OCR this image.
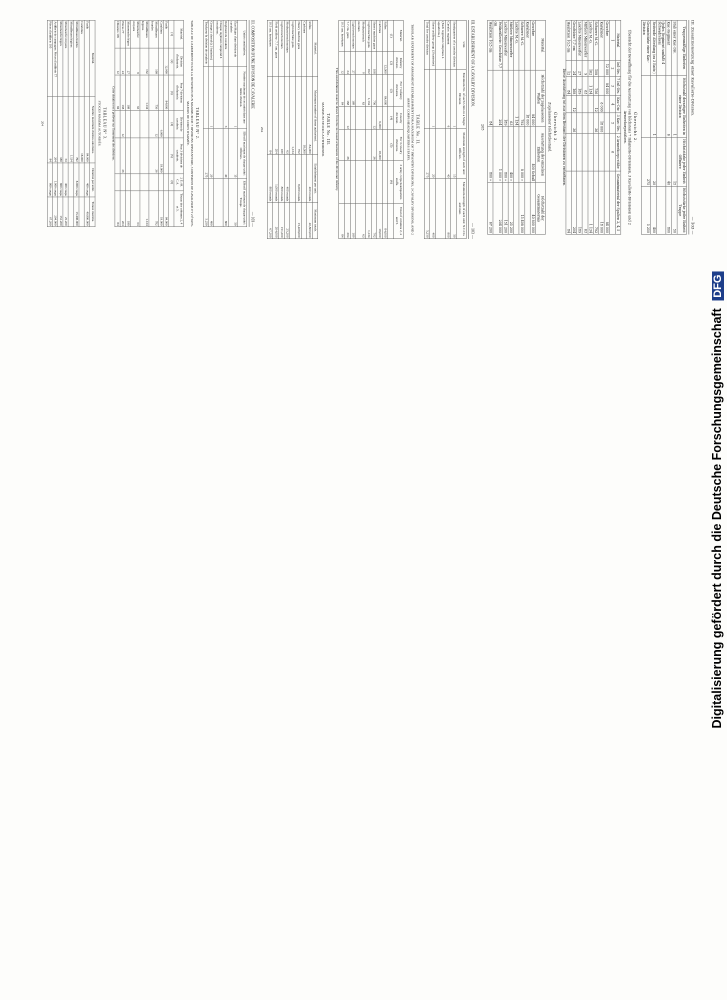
III. COMPOSITION D'UNE DIVISION DE CAVALERIE
— 103 —
Unités constitutives.	Nombre maximum de ces unités dans une même division.	Effectif maximum de chaque unité: Officiers.	Effectif maximum de chaque unité: Troupe.
État-Major d'une division de cavalerie	1	15	50
Régiment de cavalerie	6	40	800
Chaque régiment comprend 4 escadrons.			
Groupe à cheval (à 3 batteries)	1	20	400
Total pour la division de cavalerie		275	5.250
TABLEAU N° 2.
TABLEAU DE L'ARMEMENT POUR LA DOTATION D'UN MAXIMUM DE 7 DIVISIONS D'INFANTERIE, 3 DIVISIONS DE CAVALERIE ET 2 ÉTATS-MAJORS DE CORPS D'ARMÉE.
Matériel.	Division d'infanterie.	Pour 7 divisions d'infanterie.	Division de cavalerie.	Pour 3 divisions de cavalerie.	2 É.-M. C.A.	Totaux des colonnes 2, 4 et 5.
(1)	(2)	(3)	(4)	(5)	(6)	
Fusils	12.000	84.000				84.000
Carabines			6.000	18.000		18.000
Mitrailleuses lourdes	108	756	12	36		792
Mitrailleuses légères	162	1.134				1.134
Minenwerfer moyens	9	63				63
Minenwerfer légers	27	189				189
Pièces 77	24	168	12	36		204
Obusiers 105	12	84				84
Cette dotation est à prélever sur l'armement des divisions.
TABLEAU N° 3.
STOCKS MAXIMA AUTORISÉS.
Matériel.	Nombre maximum d'armes autorisées.	Dotation par unité.	Totaux maxima.
Fusils	84.000	400 coups	40.800.000
Carabines	18.000		
Mitrailleuses lourdes	792	8.000 coups	15.408.000
Mitrailleuses légères	1.134		
Minenwerfer moyens	63	400 coups	25.200
Minenwerfer légers	189	800 coups	151.200
Artillerie de campagne: Pièces d'artillerie 77	204	1.000 coups	204.000
Pièces d'artillerie 105	84	800 coups	67.200
204
III. ESTABLISHMENT OF A CAVALRY DIVISION.
— 103 —
Unit.	Maximum No. of such Units in a Single Division.	Maximum strength of each unit: Officers.	Maximum strength of each unit: N.C.O.s and men.
Headquarters of a cavalry division	1	15	50
Cavalry regiment	6	40	800
(Each regiment comprises 4 squadrons.)			
Horse artillery group (3 batteries)	1	20	400
Total for cavalry division		275	5,250
TABLE No. II.
TABULAR STATEMENT OF ARMAMENT ESTABLISHMENT FOR A MAXIMUM OF 7 INFANTRY DIVISIONS, 3 CAVALRY DIVISIONS, AND 2 ARMY CORPS HEADQUARTERS STAFFS.
Material.	Infantry division.	For 7 infantry divisions.	Cavalry division.	For 3 cavalry divisions.	2 army corps headquarters staffs.	Total of columns 2, 4 and 5.
(1)	(2)	(3)	(4)	(5)	(6)	
Rifles	12,000	84,000				84,000
Carbines			6,000	18,000		18,000
Heavy machine guns	108	756	12	36		792
Light machine guns	162	1,134				1,134
Medium trench mortars	9	63				63
Light trench mortars	27	189				189
7.7 cm. guns	24	168	12	36		204
10.5 cm. howitzers	12	84				84
This establishment must be drawn from the increased armaments of the divisional infantry.
TABLE No. III.
MAXIMUM STOCKS AUTHORISED.
Material.	Maximum number of Arms authorised.	Establishment per unit.	Maximum totals.
Rifles	84,000	400 rounds	40,800,000
Carbines	18,000		
Heavy machine guns	792	8,000 rounds	15,408,000
Light machine guns	1,134		
Medium trench mortars	63	400 rounds	25,200
Light trench mortars	189	800 rounds	151,200
Field artillery: 7.7 cm. guns	204	1,000 rounds	204,000
10.5 cm. howitzers	84	800 rounds	67,200
204
III. Zusammensetzung einer Kavallerie-Division.
— 103 —
Truppenmäßige Einheiten	Höchstzahl derartiger Einheiten in einer Division	Höchststärke jeder Einheit: Offiziere	Höchststärke jeder Einheit: Truppe
Stab einer Kav.-Div.	1	15	50
Kav.-Regiment	6	40	800
(Jedes Regiment umfaßt 4 Schwadronen)			
Reitende Abteilung (zu 3 Battr.)	1	20	400
Gesamtstärke einer Kav.-Division		275	5 250
Übersicht 2.
Übersicht der Bewaffnung für die Ausstattung von höchstens 7 Infanterie-Divisionen, 3 Kavallerie-Divisionen und 2 Armeekorpsstäben.
Material	Inf.-Div.	7 Inf.-Div.	Kav.-Div.	3 Kav.-Div.	2 Armeekorps-stäbe	Gesamtmaterial der Spalten 2, 4, 5
1	2	3	4	5	6	
Gewehre	12 000	84 000				84 000
Karabiner			6 000	18 000		18 000
Schwere M.-G.	108	756	12	36		792
Leichte M.-G.	162	1 134				1 134
Mittlere Minenwerfer	9	63				63
Leichte Minenwerfer	27	189				189
Geschütze 7,7 cm	24	168	12	36		204
Haubitzen 10,5 cm	12	84				84
Diese Ausstattung ist aus dem Bestand der Divisionen zu entnehmen.
Übersicht 3.
Zugelassener Höchstbestand.
Material	Höchstzahl der zugelassenen Waffen	Ausstattung der einzelnen Einheiten	Höchstzahl der Gesamtmaterials
Gewehre	84 000	400 Schuß	40 800 000
Karabiner	18 000		
Schwere M.-G.	792	8 000 »	15 408 000
Leichte M.-G.	1 134		
Mittlere Minenwerfer	63	400 »	25 200
Leichte Minenwerfer	189	800 »	151 200
Feldartillerie: Geschütze 7,7 cm	204	1 000 »	204 000
Haubitzen 10,5 cm	84	800 »	67 200
205
Digitalisierung gefördert durch die Deutsche Forschungsgemeinschaft DFG
